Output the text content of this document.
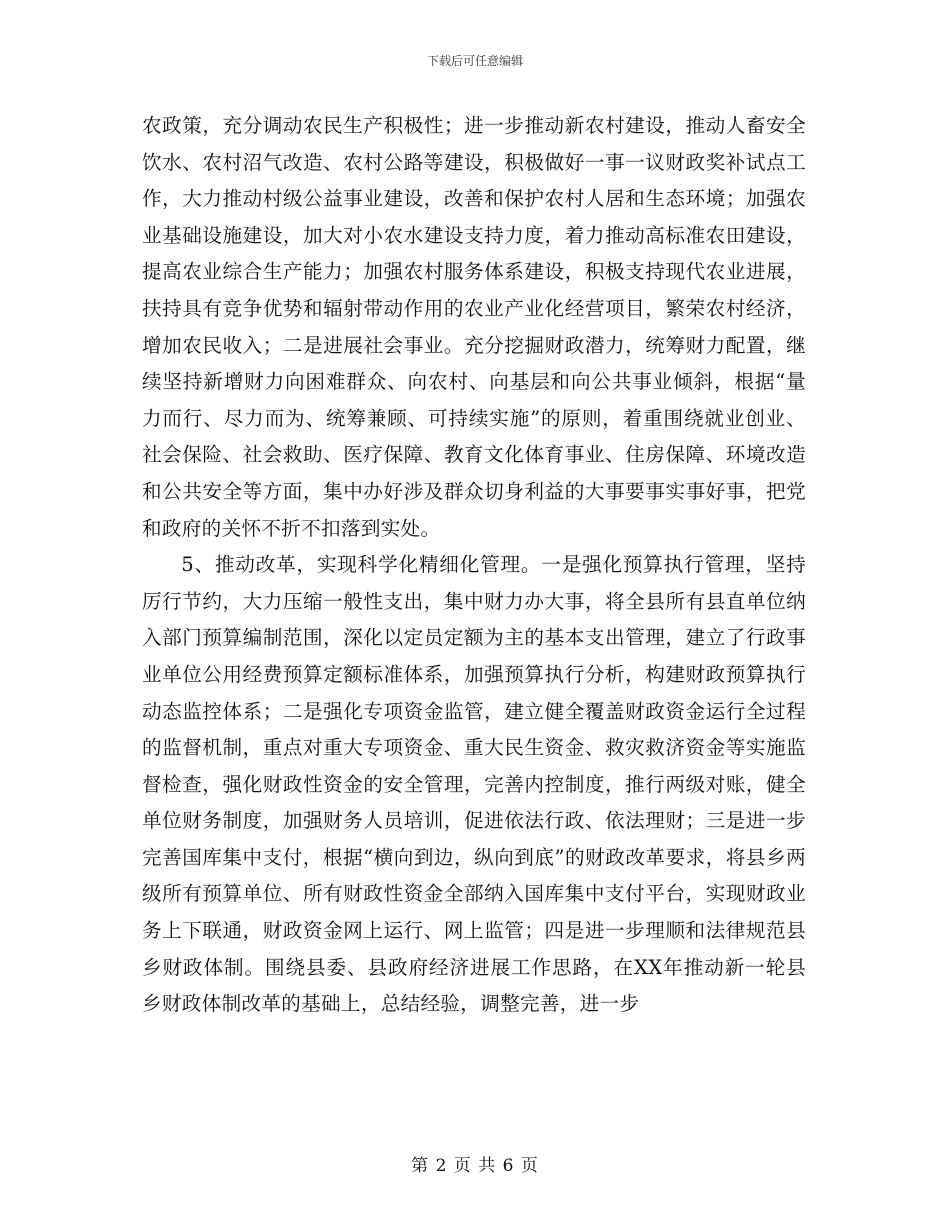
下载后可任意编辑

农政策，充分调动农民生产积极性；进一步推动新农村建设，推动人畜安全饮水、农村沼气改造、农村公路等建设，积极做好一事一议财政奖补试点工作，大力推动村级公益事业建设，改善和保护农村人居和生态环境；加强农业基础设施建设，加大对小农水建设支持力度，着力推动高标准农田建设，提高农业综合生产能力；加强农村服务体系建设，积极支持现代农业进展，扶持具有竞争优势和辐射带动作用的农业产业化经营项目，繁荣农村经济，增加农民收入；二是进展社会事业。充分挖掘财政潜力，统筹财力配置，继续坚持新增财力向困难群众、向农村、向基层和向公共事业倾斜，根据“量力而行、尽力而为、统筹兼顾、可持续实施”的原则，着重围绕就业创业、社会保险、社会救助、医疗保障、教育文化体育事业、住房保障、环境改造和公共安全等方面，集中办好涉及群众切身利益的大事要事实事好事，把党和政府的关怀不折不扣落到实处。

5、推动改革，实现科学化精细化管理。一是强化预算执行管理，坚持厉行节约，大力压缩一般性支出，集中财力办大事，将全县所有县直单位纳入部门预算编制范围，深化以定员定额为主的基本支出管理，建立了行政事业单位公用经费预算定额标准体系，加强预算执行分析，构建财政预算执行动态监控体系；二是强化专项资金监管，建立健全覆盖财政资金运行全过程的监督机制，重点对重大专项资金、重大民生资金、救灾救济资金等实施监督检查，强化财政性资金的安全管理，完善内控制度，推行两级对账，健全单位财务制度，加强财务人员培训，促进依法行政、依法理财；三是进一步完善国库集中支付，根据“横向到边，纵向到底”的财政改革要求，将县乡两级所有预算单位、所有财政性资金全部纳入国库集中支付平台，实现财政业务上下联通，财政资金网上运行、网上监管；四是进一步理顺和法律规范县乡财政体制。围绕县委、县政府经济进展工作思路，在XX年推动新一轮县乡财政体制改革的基础上，总结经验，调整完善，进一步

第 2 页 共 6 页
